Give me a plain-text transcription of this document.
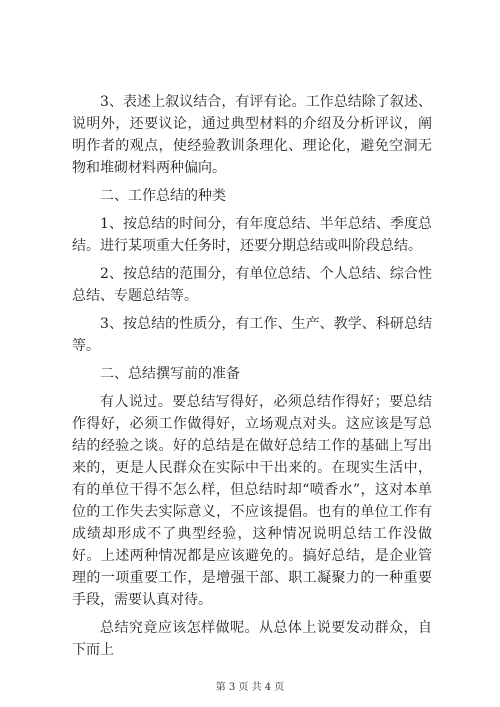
3、表述上叙议结合，有评有论。工作总结除了叙述、说明外，还要议论，通过典型材料的介绍及分析评议，阐明作者的观点，使经验教训条理化、理论化，避免空洞无物和堆砌材料两种偏向。

二、工作总结的种类

1、按总结的时间分，有年度总结、半年总结、季度总结。进行某项重大任务时，还要分期总结或叫阶段总结。

2、按总结的范围分，有单位总结、个人总结、综合性总结、专题总结等。

3、按总结的性质分，有工作、生产、教学、科研总结等。

二、总结撰写前的准备

有人说过。要总结写得好，必须总结作得好；要总结作得好，必须工作做得好，立场观点对头。这应该是写总结的经验之谈。好的总结是在做好总结工作的基础上写出来的，更是人民群众在实际中干出来的。在现实生活中，有的单位干得不怎么样，但总结时却“喷香水”，这对本单位的工作失去实际意义，不应该提倡。也有的单位工作有成绩却形成不了典型经验，这种情况说明总结工作没做好。上述两种情况都是应该避免的。搞好总结，是企业管理的一项重要工作，是增强干部、职工凝聚力的一种重要手段，需要认真对待。

总结究竟应该怎样做呢。从总体上说要发动群众，自下而上

第 3 页 共 4 页
